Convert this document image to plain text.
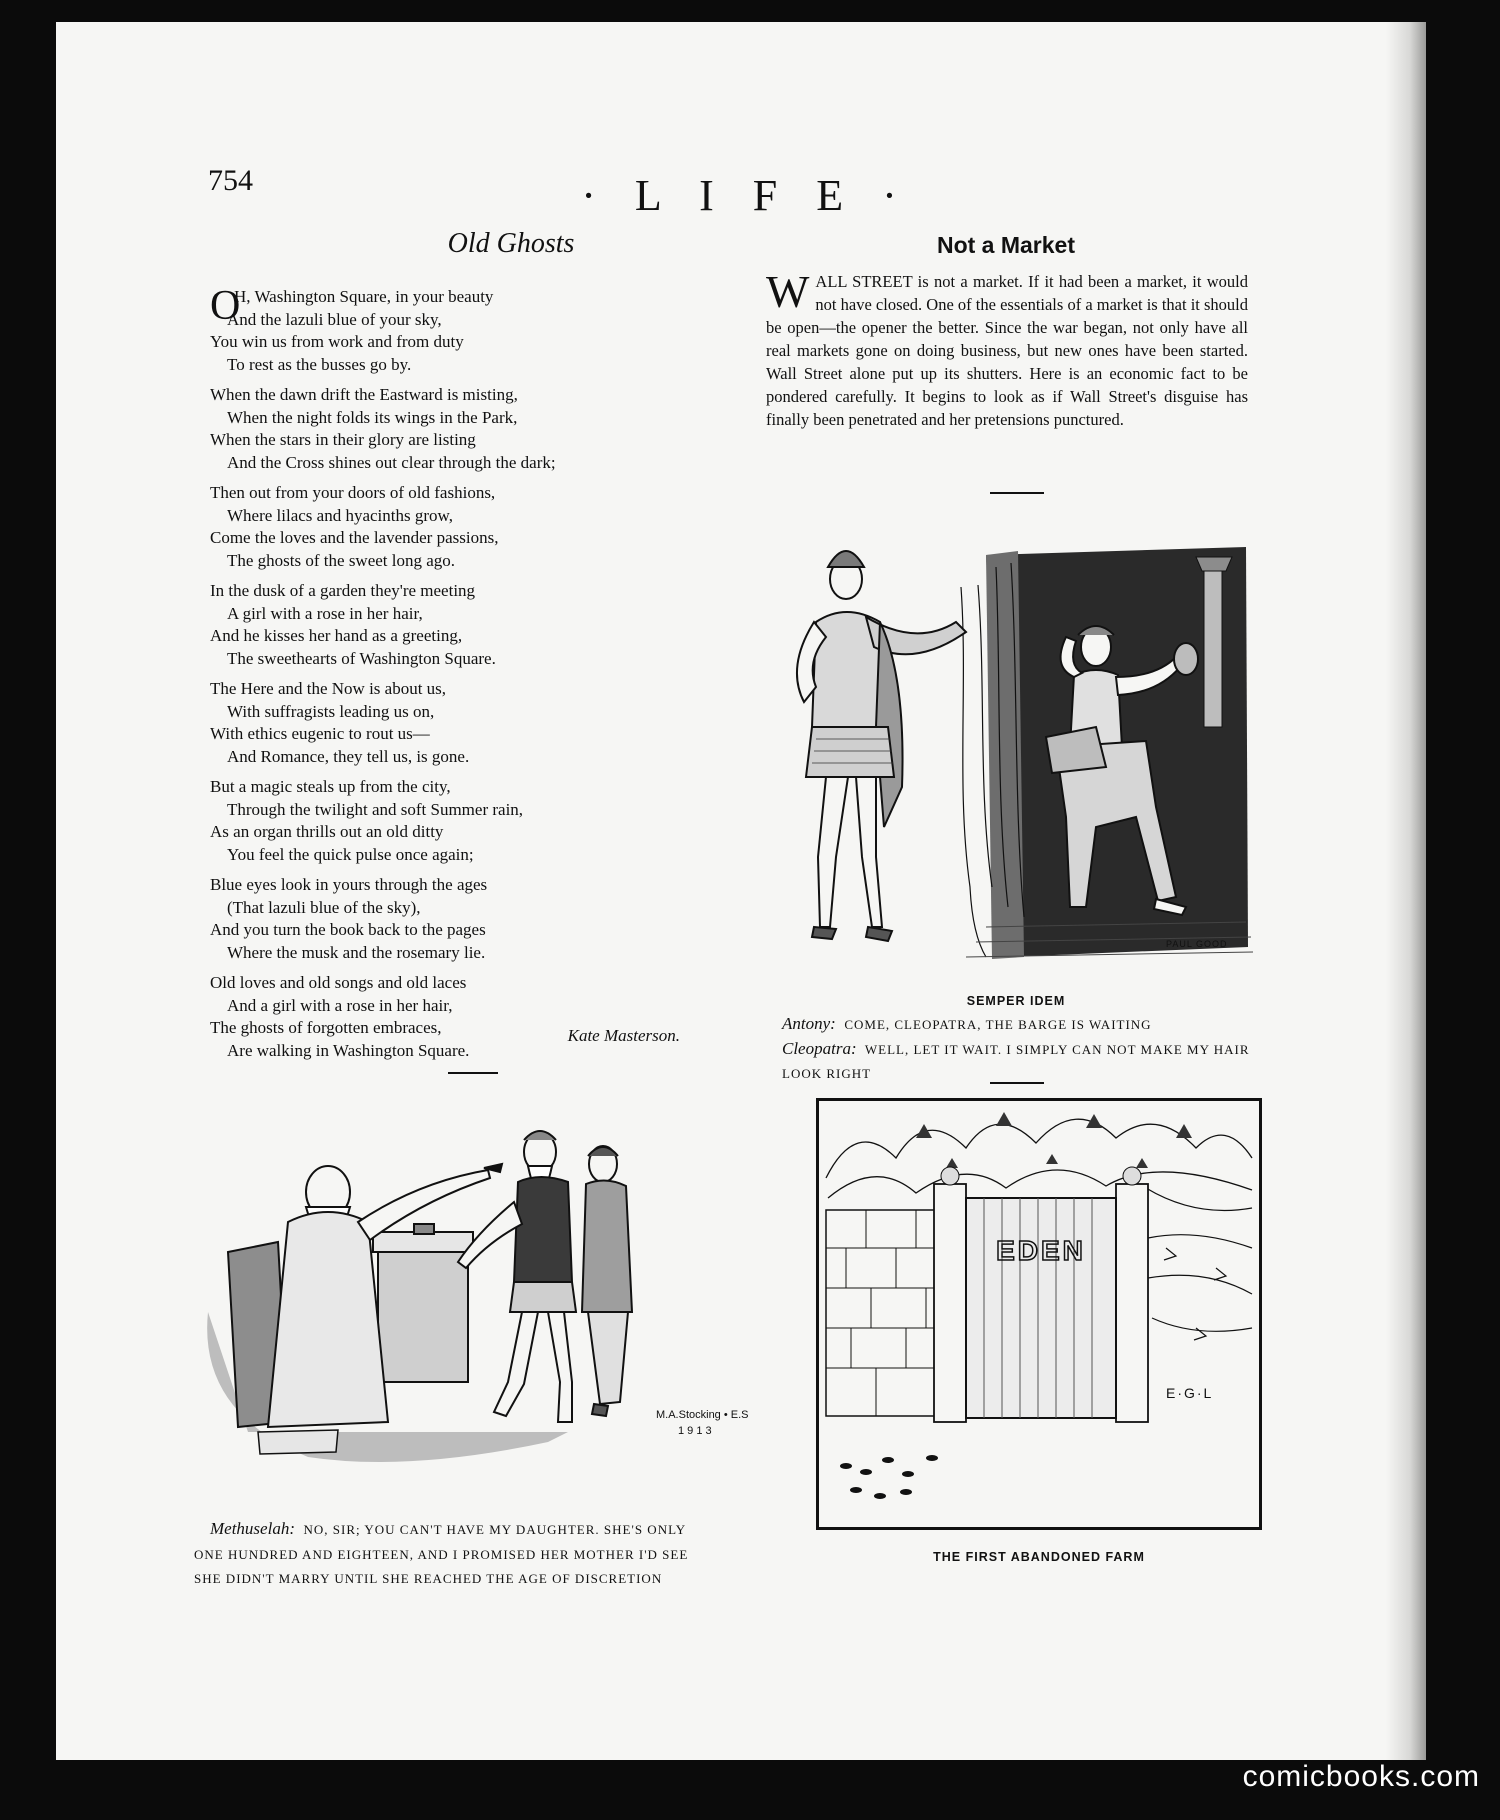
754	· L I F E ·
Old Ghosts
O
H, Washington Square, in your beauty
And the lazuli blue of your sky,
You win us from work and from duty
To rest as the busses go by.
When the dawn drift the Eastward is misting,
When the night folds its wings in the Park,
When the stars in their glory are listing
And the Cross shines out clear through the dark;
Then out from your doors of old fashions,
Where lilacs and hyacinths grow,
Come the loves and the lavender passions,
The ghosts of the sweet long ago.
In the dusk of a garden they're meeting
A girl with a rose in her hair,
And he kisses her hand as a greeting,
The sweethearts of Washington Square.
The Here and the Now is about us,
With suffragists leading us on,
With ethics eugenic to rout us—
And Romance, they tell us, is gone.
But a magic steals up from the city,
Through the twilight and soft Summer rain,
As an organ thrills out an old ditty
You feel the quick pulse once again;
Blue eyes look in yours through the ages
(That lazuli blue of the sky),
And you turn the book back to the pages
Where the musk and the rosemary lie.
Old loves and old songs and old laces
And a girl with a rose in her hair,
The ghosts of forgotten embraces,
Are walking in Washington Square.
Kate Masterson.
Not a Market
WALL STREET is not a market. If it had been a market, it would not have closed. One of the essentials of a market is that it should be open—the opener the better. Since the war began, not only have all real markets gone on doing business, but new ones have been started. Wall Street alone put up its shutters. Here is an economic fact to be pondered carefully. It begins to look as if Wall Street's disguise has finally been penetrated and her pretensions punctured.
PAUL GOOD
SEMPER IDEM
Antony: COME, CLEOPATRA, THE BARGE IS WAITING
Cleopatra: WELL, LET IT WAIT. I SIMPLY CAN NOT MAKE MY HAIR LOOK RIGHT
M.A.Stocking • E.S
1 9 1 3
Methuselah: NO, SIR; YOU CAN'T HAVE MY DAUGHTER. SHE'S ONLY ONE HUNDRED AND EIGHTEEN, AND I PROMISED HER MOTHER I'D SEE SHE DIDN'T MARRY UNTIL SHE REACHED THE AGE OF DISCRETION
EDEN
E·G·L
THE FIRST ABANDONED FARM
comicbooks.com
